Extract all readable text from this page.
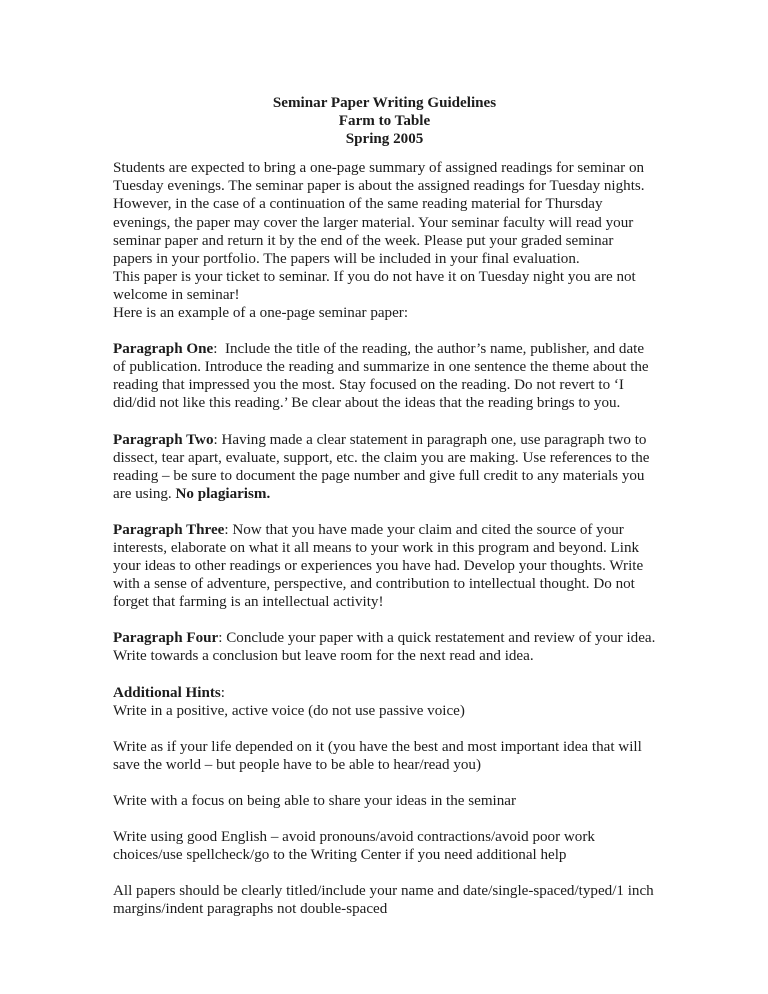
Seminar Paper Writing Guidelines
Farm to Table
Spring 2005

Students are expected to bring a one-page summary of assigned readings for seminar on Tuesday evenings. The seminar paper is about the assigned readings for Tuesday nights. However, in the case of a continuation of the same reading material for Thursday evenings, the paper may cover the larger material. Your seminar faculty will read your seminar paper and return it by the end of the week. Please put your graded seminar papers in your portfolio. The papers will be included in your final evaluation.

This paper is your ticket to seminar. If you do not have it on Tuesday night you are not welcome in seminar!

Here is an example of a one-page seminar paper:

Paragraph One:  Include the title of the reading, the author’s name, publisher, and date of publication. Introduce the reading and summarize in one sentence the theme about the reading that impressed you the most. Stay focused on the reading. Do not revert to ‘I did/did not like this reading.’ Be clear about the ideas that the reading brings to you.

Paragraph Two: Having made a clear statement in paragraph one, use paragraph two to dissect, tear apart, evaluate, support, etc. the claim you are making. Use references to the reading – be sure to document the page number and give full credit to any materials you are using. No plagiarism.

Paragraph Three: Now that you have made your claim and cited the source of your interests, elaborate on what it all means to your work in this program and beyond. Link your ideas to other readings or experiences you have had. Develop your thoughts. Write with a sense of adventure, perspective, and contribution to intellectual thought. Do not forget that farming is an intellectual activity!

Paragraph Four: Conclude your paper with a quick restatement and review of your idea. Write towards a conclusion but leave room for the next read and idea.

Additional Hints:

Write in a positive, active voice (do not use passive voice)

Write as if your life depended on it (you have the best and most important idea that will save the world – but people have to be able to hear/read you)

Write with a focus on being able to share your ideas in the seminar

Write using good English – avoid pronouns/avoid contractions/avoid poor work choices/use spellcheck/go to the Writing Center if you need additional help

All papers should be clearly titled/include your name and date/single-spaced/typed/1 inch margins/indent paragraphs not double-spaced
